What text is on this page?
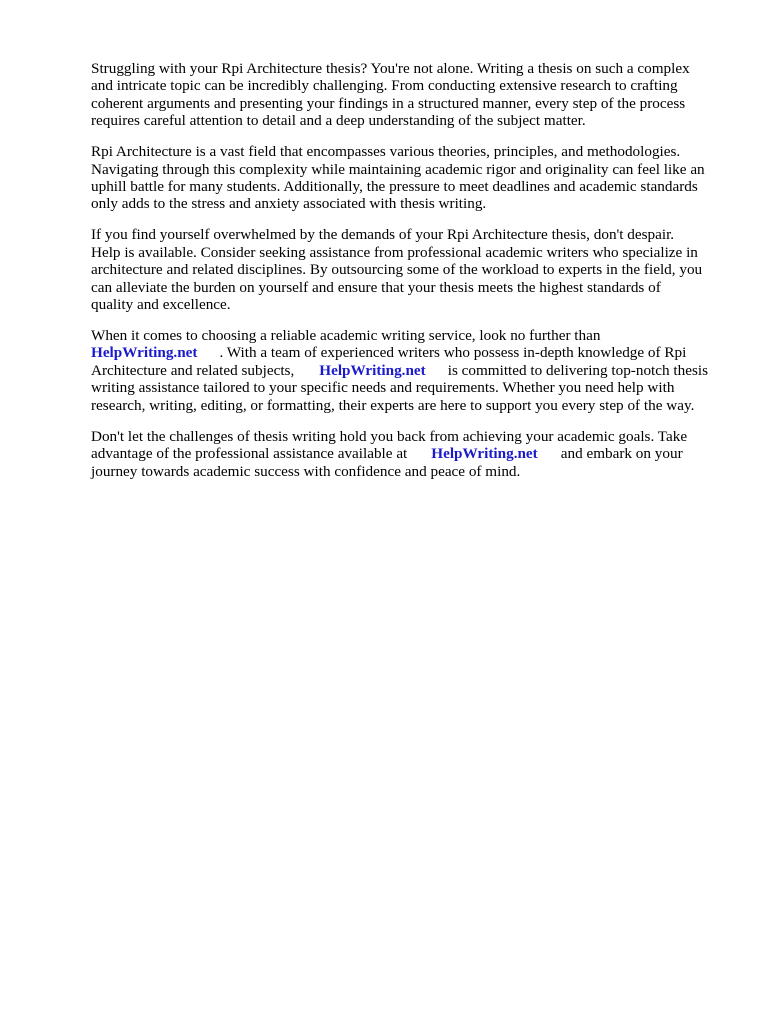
Struggling with your Rpi Architecture thesis? You're not alone. Writing a thesis on such a complex
and intricate topic can be incredibly challenging. From conducting extensive research to crafting
coherent arguments and presenting your findings in a structured manner, every step of the process
requires careful attention to detail and a deep understanding of the subject matter.

Rpi Architecture is a vast field that encompasses various theories, principles, and methodologies.
Navigating through this complexity while maintaining academic rigor and originality can feel like an
uphill battle for many students. Additionally, the pressure to meet deadlines and academic standards
only adds to the stress and anxiety associated with thesis writing.

If you find yourself overwhelmed by the demands of your Rpi Architecture thesis, don't despair.
Help is available. Consider seeking assistance from professional academic writers who specialize in
architecture and related disciplines. By outsourcing some of the workload to experts in the field, you
can alleviate the burden on yourself and ensure that your thesis meets the highest standards of
quality and excellence.

When it comes to choosing a reliable academic writing service, look no further than
HelpWriting.net . With a team of experienced writers who possess in-depth knowledge of Rpi
Architecture and related subjects, HelpWriting.net is committed to delivering top-notch thesis
writing assistance tailored to your specific needs and requirements. Whether you need help with
research, writing, editing, or formatting, their experts are here to support you every step of the way.

Don't let the challenges of thesis writing hold you back from achieving your academic goals. Take
advantage of the professional assistance available at HelpWriting.net and embark on your
journey towards academic success with confidence and peace of mind.
